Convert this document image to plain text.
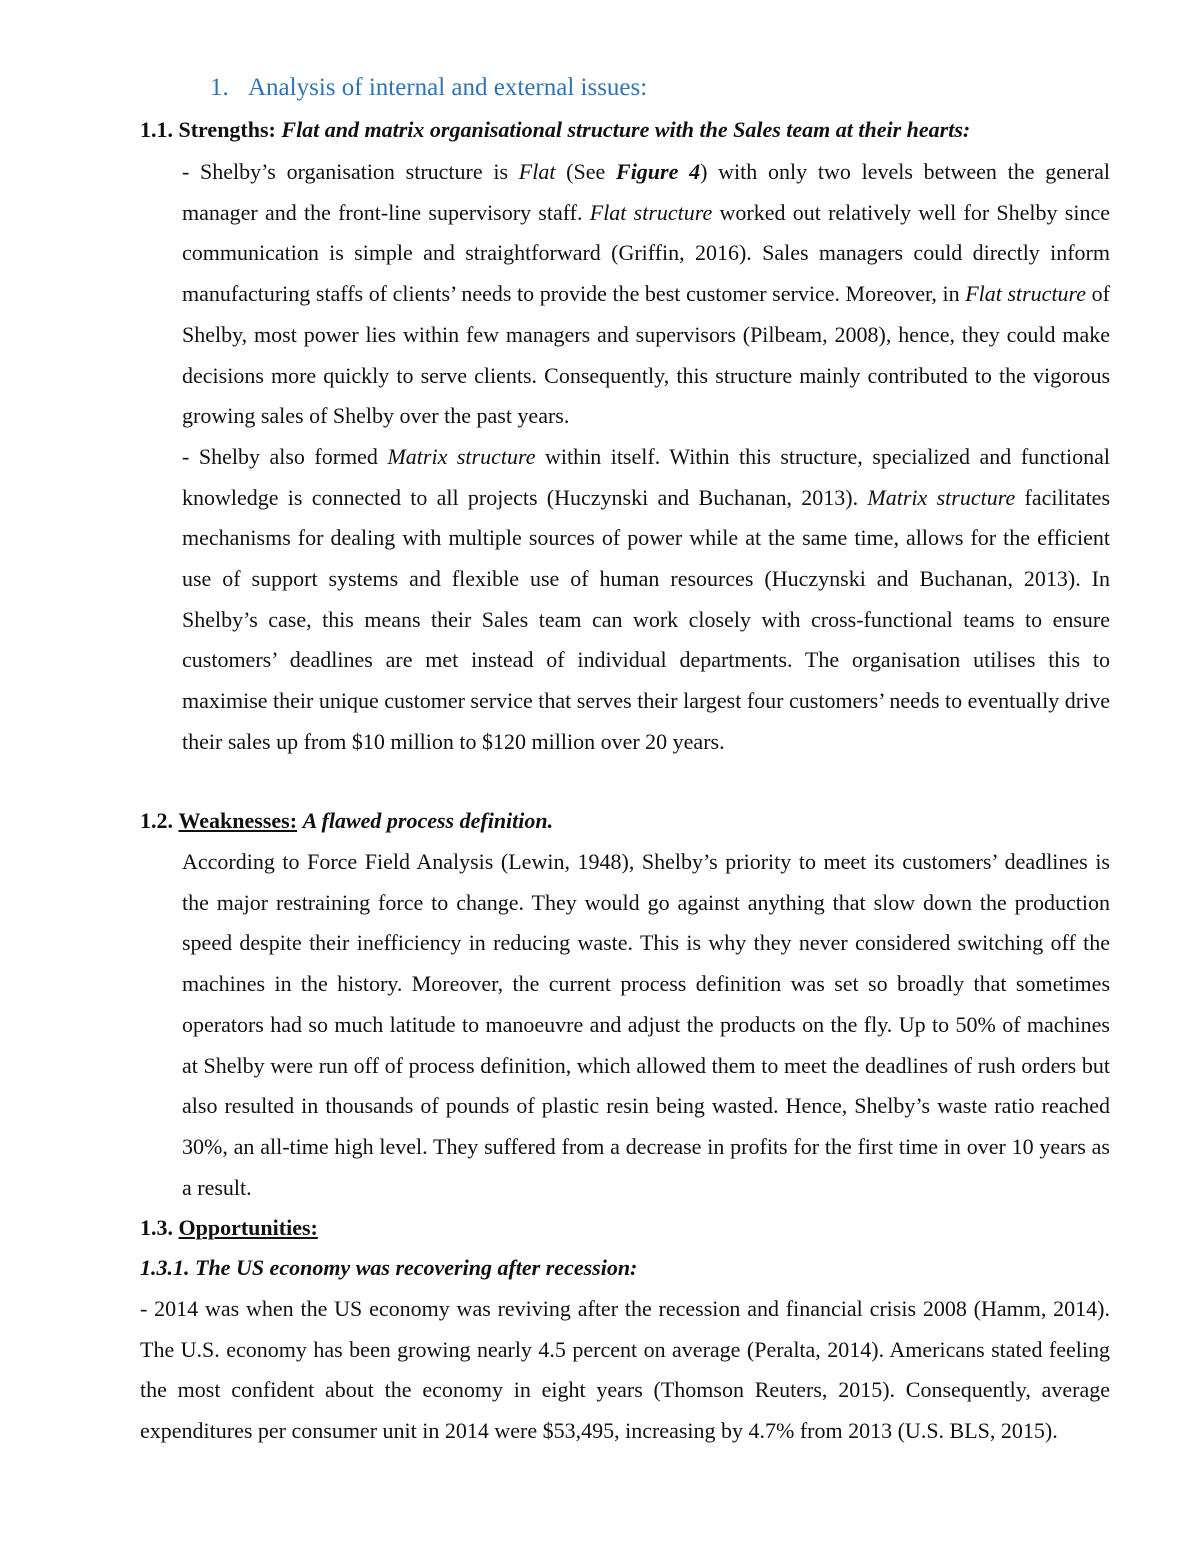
1. Analysis of internal and external issues:
1.1. Strengths: Flat and matrix organisational structure with the Sales team at their hearts:

- Shelby’s organisation structure is Flat (See Figure 4) with only two levels between the general manager and the front-line supervisory staff. Flat structure worked out relatively well for Shelby since communication is simple and straightforward (Griffin, 2016). Sales managers could directly inform manufacturing staffs of clients’ needs to provide the best customer service. Moreover, in Flat structure of Shelby, most power lies within few managers and supervisors (Pilbeam, 2008), hence, they could make decisions more quickly to serve clients. Consequently, this structure mainly contributed to the vigorous growing sales of Shelby over the past years.

- Shelby also formed Matrix structure within itself. Within this structure, specialized and functional knowledge is connected to all projects (Huczynski and Buchanan, 2013). Matrix structure facilitates mechanisms for dealing with multiple sources of power while at the same time, allows for the efficient use of support systems and flexible use of human resources (Huczynski and Buchanan, 2013). In Shelby’s case, this means their Sales team can work closely with cross-functional teams to ensure customers’ deadlines are met instead of individual departments. The organisation utilises this to maximise their unique customer service that serves their largest four customers’ needs to eventually drive their sales up from $10 million to $120 million over 20 years.

1.2. Weaknesses: A flawed process definition.

According to Force Field Analysis (Lewin, 1948), Shelby’s priority to meet its customers’ deadlines is the major restraining force to change. They would go against anything that slow down the production speed despite their inefficiency in reducing waste. This is why they never considered switching off the machines in the history. Moreover, the current process definition was set so broadly that sometimes operators had so much latitude to manoeuvre and adjust the products on the fly. Up to 50% of machines at Shelby were run off of process definition, which allowed them to meet the deadlines of rush orders but also resulted in thousands of pounds of plastic resin being wasted. Hence, Shelby’s waste ratio reached 30%, an all-time high level. They suffered from a decrease in profits for the first time in over 10 years as a result.

1.3. Opportunities:
1.3.1. The US economy was recovering after recession:

- 2014 was when the US economy was reviving after the recession and financial crisis 2008 (Hamm, 2014). The U.S. economy has been growing nearly 4.5 percent on average (Peralta, 2014). Americans stated feeling the most confident about the economy in eight years (Thomson Reuters, 2015). Consequently, average expenditures per consumer unit in 2014 were $53,495, increasing by 4.7% from 2013 (U.S. BLS, 2015).
